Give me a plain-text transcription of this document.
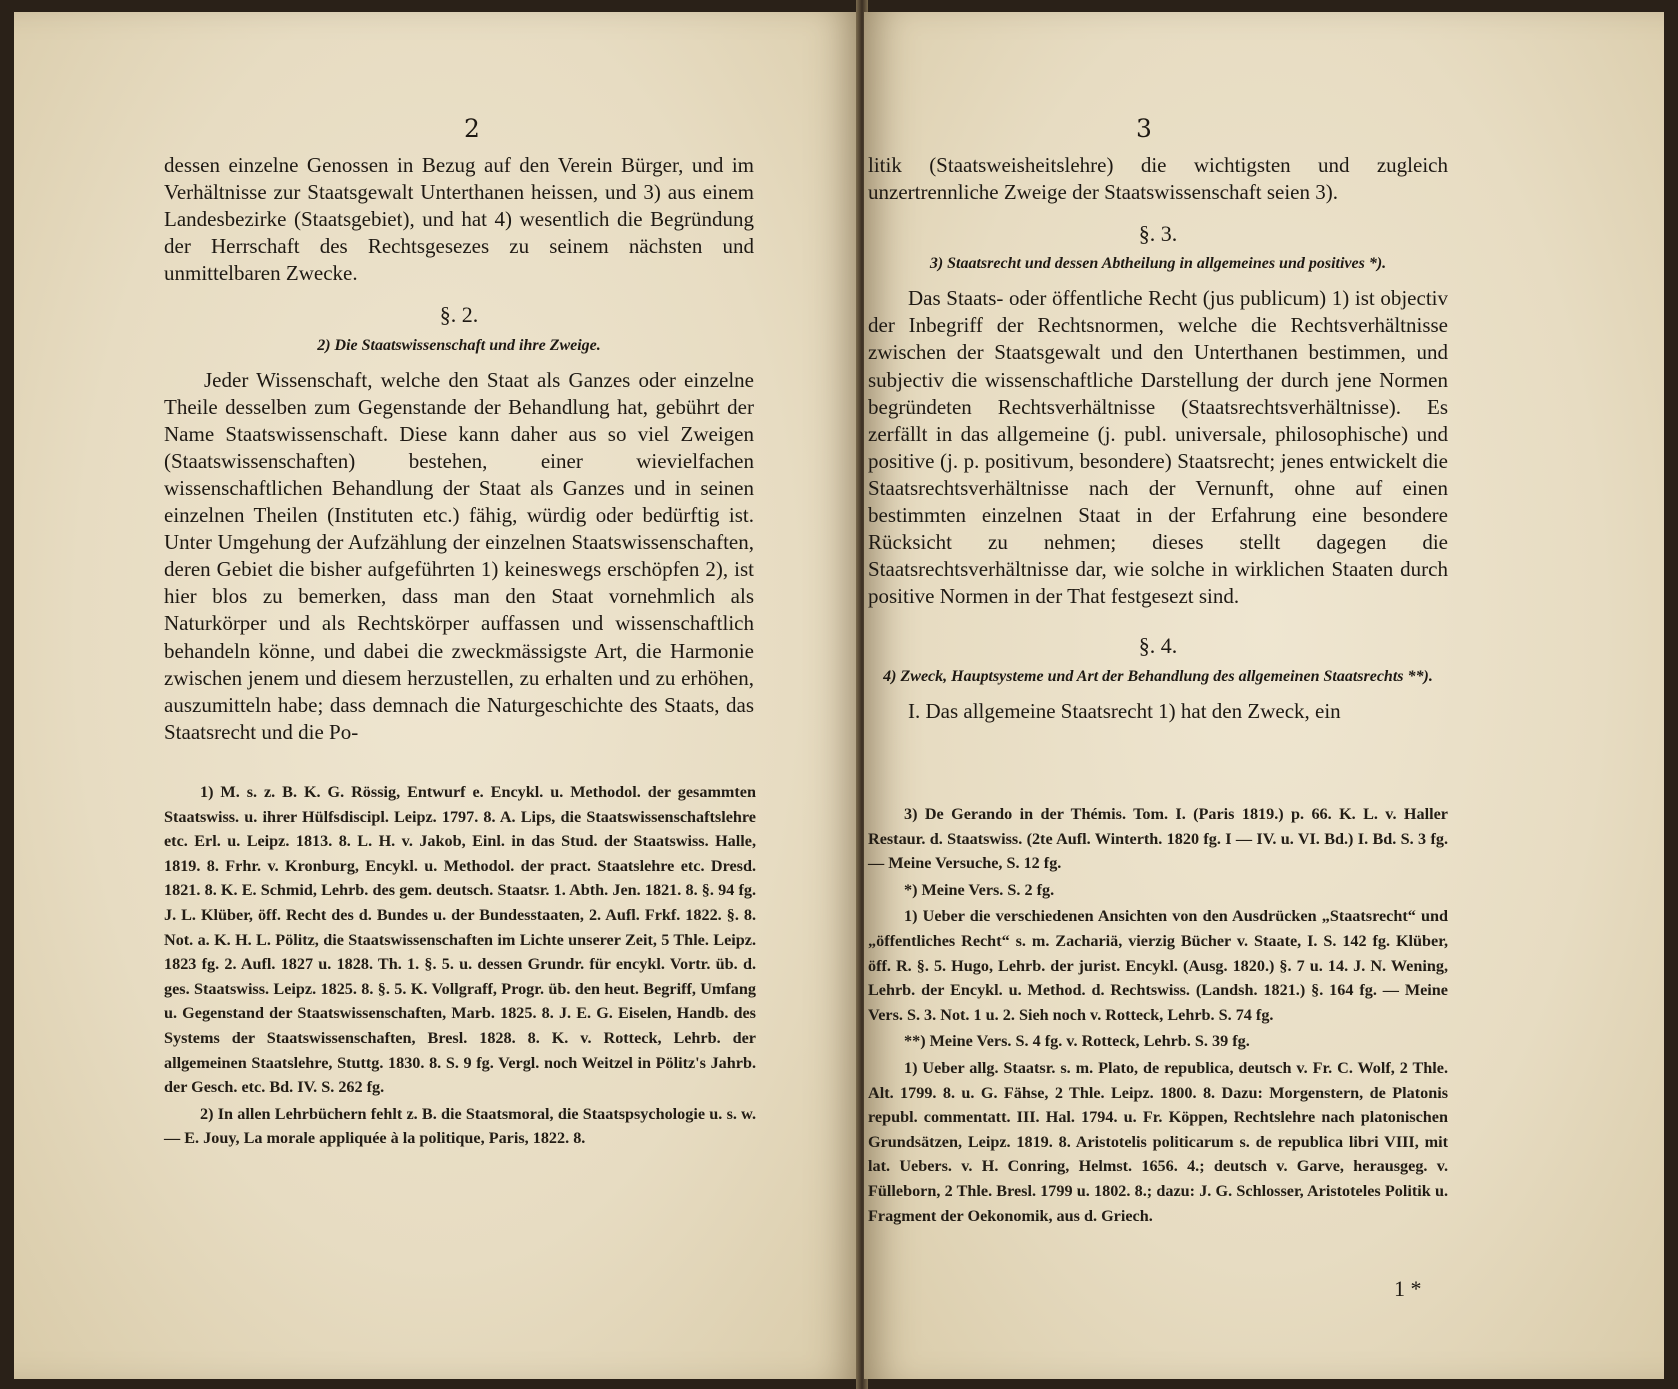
2

dessen einzelne Genossen in Bezug auf den Verein Bürger, und im Verhältnisse zur Staatsgewalt Unterthanen heissen, und 3) aus einem Landesbezirke (Staatsgebiet), und hat 4) wesentlich die Begründung der Herrschaft des Rechtsgesezes zu seinem nächsten und unmittelbaren Zwecke.

§. 2.
2) Die Staatswissenschaft und ihre Zweige.

Jeder Wissenschaft, welche den Staat als Ganzes oder einzelne Theile desselben zum Gegenstande der Behandlung hat, gebührt der Name Staatswissenschaft. Diese kann daher aus so viel Zweigen (Staatswissenschaften) bestehen, einer wievielfachen wissenschaftlichen Behandlung der Staat als Ganzes und in seinen einzelnen Theilen (Instituten etc.) fähig, würdig oder bedürftig ist. Unter Umgehung der Aufzählung der einzelnen Staatswissenschaften, deren Gebiet die bisher aufgeführten 1) keineswegs erschöpfen 2), ist hier blos zu bemerken, dass man den Staat vornehmlich als Naturkörper und als Rechtskörper auffassen und wissenschaftlich behandeln könne, und dabei die zweckmässigste Art, die Harmonie zwischen jenem und diesem herzustellen, zu erhalten und zu erhöhen, auszumitteln habe; dass demnach die Naturgeschichte des Staats, das Staatsrecht und die Po-

1) M. s. z. B. K. G. Rössig, Entwurf e. Encykl. u. Methodol. der gesammten Staatswiss. u. ihrer Hülfsdiscipl. Leipz. 1797. 8. A. Lips, die Staatswissenschaftslehre etc. Erl. u. Leipz. 1813. 8. L. H. v. Jakob, Einl. in das Stud. der Staatswiss. Halle, 1819. 8. Frhr. v. Kronburg, Encykl. u. Methodol. der pract. Staatslehre etc. Dresd. 1821. 8. K. E. Schmid, Lehrb. des gem. deutsch. Staatsr. 1. Abth. Jen. 1821. 8. §. 94 fg. J. L. Klüber, öff. Recht des d. Bundes u. der Bundesstaaten, 2. Aufl. Frkf. 1822. §. 8. Not. a. K. H. L. Pölitz, die Staatswissenschaften im Lichte unserer Zeit, 5 Thle. Leipz. 1823 fg. 2. Aufl. 1827 u. 1828. Th. 1. §. 5. u. dessen Grundr. für encykl. Vortr. üb. d. ges. Staatswiss. Leipz. 1825. 8. §. 5. K. Vollgraff, Progr. üb. den heut. Begriff, Umfang u. Gegenstand der Staatswissenschaften, Marb. 1825. 8. J. E. G. Eiselen, Handb. des Systems der Staatswissenschaften, Bresl. 1828. 8. K. v. Rotteck, Lehrb. der allgemeinen Staatslehre, Stuttg. 1830. 8. S. 9 fg. Vergl. noch Weitzel in Pölitz's Jahrb. der Gesch. etc. Bd. IV. S. 262 fg.

2) In allen Lehrbüchern fehlt z. B. die Staatsmoral, die Staatspsychologie u. s. w. — E. Jouy, La morale appliquée à la politique, Paris, 1822. 8.

3

litik (Staatsweisheitslehre) die wichtigsten und zugleich unzertrennliche Zweige der Staatswissenschaft seien 3).

§. 3.
3) Staatsrecht und dessen Abtheilung in allgemeines und positives *).

Das Staats- oder öffentliche Recht (jus publicum) 1) ist objectiv der Inbegriff der Rechtsnormen, welche die Rechtsverhältnisse zwischen der Staatsgewalt und den Unterthanen bestimmen, und subjectiv die wissenschaftliche Darstellung der durch jene Normen begründeten Rechtsverhältnisse (Staatsrechtsverhältnisse). Es zerfällt in das allgemeine (j. publ. universale, philosophische) und positive (j. p. positivum, besondere) Staatsrecht; jenes entwickelt die Staatsrechtsverhältnisse nach der Vernunft, ohne auf einen bestimmten einzelnen Staat in der Erfahrung eine besondere Rücksicht zu nehmen; dieses stellt dagegen die Staatsrechtsverhältnisse dar, wie solche in wirklichen Staaten durch positive Normen in der That festgesezt sind.

§. 4.
4) Zweck, Hauptsysteme und Art der Behandlung des allgemeinen Staatsrechts **).

I. Das allgemeine Staatsrecht 1) hat den Zweck, ein

3) De Gerando in der Thémis. Tom. I. (Paris 1819.) p. 66. K. L. v. Haller Restaur. d. Staatswiss. (2te Aufl. Winterth. 1820 fg. I — IV. u. VI. Bd.) I. Bd. S. 3 fg. — Meine Versuche, S. 12 fg.

*) Meine Vers. S. 2 fg.

1) Ueber die verschiedenen Ansichten von den Ausdrücken „Staatsrecht“ und „öffentliches Recht“ s. m. Zachariä, vierzig Bücher v. Staate, I. S. 142 fg. Klüber, öff. R. §. 5. Hugo, Lehrb. der jurist. Encykl. (Ausg. 1820.) §. 7 u. 14. J. N. Wening, Lehrb. der Encykl. u. Method. d. Rechtswiss. (Landsh. 1821.) §. 164 fg. — Meine Vers. S. 3. Not. 1 u. 2. Sieh noch v. Rotteck, Lehrb. S. 74 fg.

**) Meine Vers. S. 4 fg. v. Rotteck, Lehrb. S. 39 fg.

1) Ueber allg. Staatsr. s. m. Plato, de republica, deutsch v. Fr. C. Wolf, 2 Thle. Alt. 1799. 8. u. G. Fähse, 2 Thle. Leipz. 1800. 8. Dazu: Morgenstern, de Platonis republ. commentatt. III. Hal. 1794. u. Fr. Köppen, Rechtslehre nach platonischen Grundsätzen, Leipz. 1819. 8. Aristotelis politicarum s. de republica libri VIII, mit lat. Uebers. v. H. Conring, Helmst. 1656. 4.; deutsch v. Garve, herausgeg. v. Fülleborn, 2 Thle. Bresl. 1799 u. 1802. 8.; dazu: J. G. Schlosser, Aristoteles Politik u. Fragment der Oekonomik, aus d. Griech.

1 *
